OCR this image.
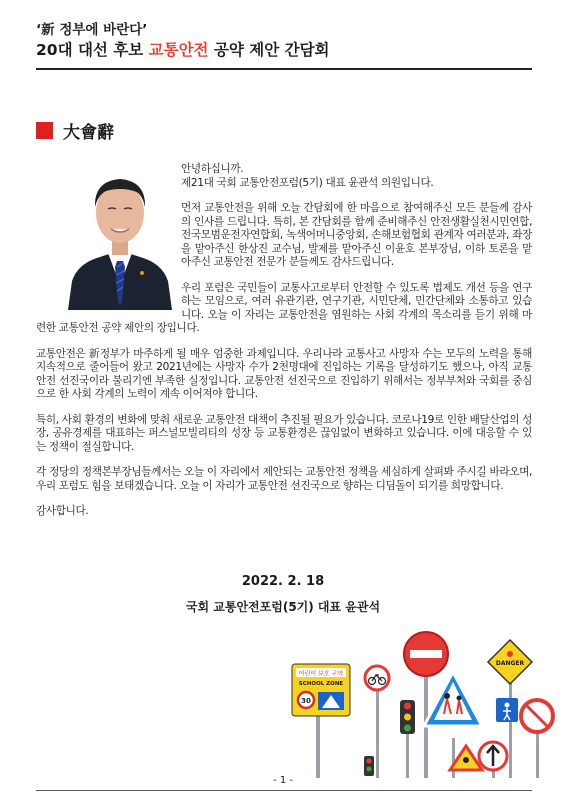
‘新 정부에 바란다’
20대 대선 후보 교통안전 공약 제안 간담회
大會辭

안녕하십니까.
제21대 국회 교통안전포럼(5기) 대표 윤관석 의원입니다.

먼저 교통안전을 위해 오늘 간담회에 한 마음으로 참여해주신 모든 분들께 감사의 인사를 드립니다. 특히, 본 간담회를 함께 준비해주신 안전생활실천시민연합, 전국모범운전자연합회, 녹색어머니중앙회, 손해보험협회 관계자 여러분과, 좌장을 맡아주신 한상진 교수님, 발제를 맡아주신 이윤호 본부장님, 이하 토론을 맡아주신 교통안전 전문가 분들께도 감사드립니다.

우리 포럼은 국민들이 교통사고로부터 안전할 수 있도록 법제도 개선 등을 연구하는 모임으로, 여러 유관기관, 연구기관, 시민단체, 민간단체와 소통하고 있습니다. 오늘 이 자리는 교통안전을 염원하는 사회 각계의 목소리를 듣기 위해 마련한 교통안전 공약 제안의 장입니다.

교통안전은 新정부가 마주하게 될 매우 엄중한 과제입니다. 우리나라 교통사고 사망자 수는 모두의 노력을 통해 지속적으로 줄어들어 왔고 2021년에는 사망자 수가 2천명대에 진입하는 기록을 달성하기도 했으나, 아직 교통안전 선진국이라 불리기엔 부족한 실정입니다. 교통안전 선진국으로 진입하기 위해서는 정부부처와 국회를 중심으로 한 사회 각계의 노력이 계속 이어져야 합니다.

특히, 사회 환경의 변화에 맞춰 새로운 교통안전 대책이 추진될 필요가 있습니다. 코로나19로 인한 배달산업의 성장, 공유경제를 대표하는 퍼스널모빌리티의 성장 등 교통환경은 끊임없이 변화하고 있습니다. 이에 대응할 수 있는 정책이 절실합니다.

각 정당의 정책본부장님들께서는 오늘 이 자리에서 제안되는 교통안전 정책을 세심하게 살펴봐 주시길 바라오며, 우리 포럼도 힘을 보태겠습니다. 오늘 이 자리가 교통안전 선진국으로 향하는 디딤돌이 되기를 희망합니다.

감사합니다.

2022. 2. 18
국회 교통안전포럼(5기) 대표 윤관석
어린이 보호 구역
SCHOOL ZONE
30
DANGER
- 1 -
